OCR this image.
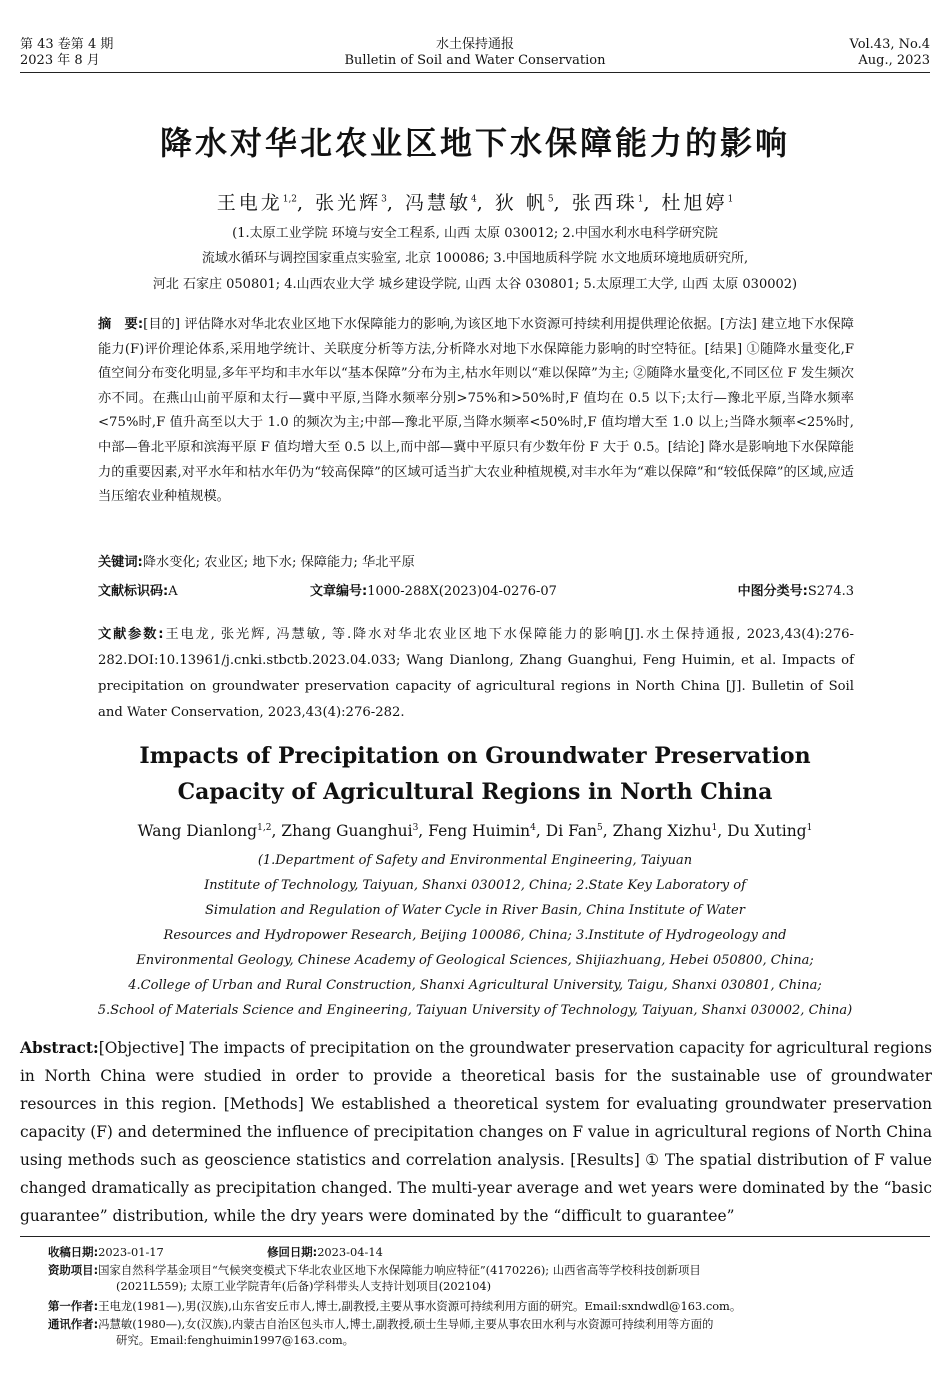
第 43 卷第 4 期
2023 年 8 月
水土保持通报
Bulletin of Soil and Water Conservation
Vol.43, No.4
Aug., 2023
降水对华北农业区地下水保障能力的影响
王电龙$^{1,2}$, 张光辉$^3$, 冯慧敏$^4$, 狄 帆$^5$, 张西珠$^1$, 杜旭婷$^1$
(1.太原工业学院 环境与安全工程系, 山西 太原 030012; 2.中国水利水电科学研究院
流域水循环与调控国家重点实验室, 北京 100086; 3.中国地质科学院 水文地质环境地质研究所,
河北 石家庄 050801; 4.山西农业大学 城乡建设学院, 山西 太谷 030801; 5.太原理工大学, 山西 太原 030002)
摘　要:[目的] 评估降水对华北农业区地下水保障能力的影响,为该区地下水资源可持续利用提供理论依据。[方法] 建立地下水保障能力(F)评价理论体系,采用地学统计、关联度分析等方法,分析降水对地下水保障能力影响的时空特征。[结果] ①随降水量变化,F 值空间分布变化明显,多年平均和丰水年以“基本保障”分布为主,枯水年则以“难以保障”为主; ②随降水量变化,不同区位 F 发生频次亦不同。在燕山山前平原和太行—冀中平原,当降水频率分别>75%和>50%时,F 值均在 0.5 以下;太行—豫北平原,当降水频率<75%时,F 值升高至以大于 1.0 的频次为主;中部—豫北平原,当降水频率<50%时,F 值均增大至 1.0 以上;当降水频率<25%时,中部—鲁北平原和滨海平原 F 值均增大至 0.5 以上,而中部—冀中平原只有少数年份 F 大于 0.5。[结论] 降水是影响地下水保障能力的重要因素,对平水年和枯水年仍为“较高保障”的区域可适当扩大农业种植规模,对丰水年为“难以保障”和“较低保障”的区域,应适当压缩农业种植规模。
关键词:降水变化; 农业区; 地下水; 保障能力; 华北平原
文献标识码:A	文章编号:1000-288X(2023)04-0276-07	中图分类号:S274.3
文献参数:王电龙, 张光辉, 冯慧敏, 等.降水对华北农业区地下水保障能力的影响[J].水土保持通报, 2023,43(4):276-282.DOI:10.13961/j.cnki.stbctb.2023.04.033; Wang Dianlong, Zhang Guanghui, Feng Huimin, et al. Impacts of precipitation on groundwater preservation capacity of agricultural regions in North China [J]. Bulletin of Soil and Water Conservation, 2023,43(4):276-282.
Impacts of Precipitation on Groundwater Preservation
Capacity of Agricultural Regions in North China
Wang Dianlong$^{1,2}$, Zhang Guanghui$^3$, Feng Huimin$^4$, Di Fan$^5$, Zhang Xizhu$^1$, Du Xuting$^1$
(1.Department of Safety and Environmental Engineering, Taiyuan
Institute of Technology, Taiyuan, Shanxi 030012, China; 2.State Key Laboratory of
Simulation and Regulation of Water Cycle in River Basin, China Institute of Water
Resources and Hydropower Research, Beijing 100086, China; 3.Institute of Hydrogeology and
Environmental Geology, Chinese Academy of Geological Sciences, Shijiazhuang, Hebei 050800, China;
4.College of Urban and Rural Construction, Shanxi Agricultural University, Taigu, Shanxi 030801, China;
5.School of Materials Science and Engineering, Taiyuan University of Technology, Taiyuan, Shanxi 030002, China)
Abstract:[Objective] The impacts of precipitation on the groundwater preservation capacity for agricultural regions in North China were studied in order to provide a theoretical basis for the sustainable use of groundwater resources in this region. [Methods] We established a theoretical system for evaluating groundwater preservation capacity (F) and determined the influence of precipitation changes on F value in agricultural regions of North China using methods such as geoscience statistics and correlation analysis. [Results] ① The spatial distribution of F value changed dramatically as precipitation changed. The multi-year average and wet years were dominated by the “basic guarantee” distribution, while the dry years were dominated by the “difficult to guarantee”
收稿日期:2023-01-17	修回日期:2023-04-14
资助项目:国家自然科学基金项目“气候突变模式下华北农业区地下水保障能力响应特征”(4170226); 山西省高等学校科技创新项目
(2021L559); 太原工业学院青年(后备)学科带头人支持计划项目(202104)
第一作者:王电龙(1981—),男(汉族),山东省安丘市人,博士,副教授,主要从事水资源可持续利用方面的研究。Email:sxndwdl@163.com。
通讯作者:冯慧敏(1980—),女(汉族),内蒙古自治区包头市人,博士,副教授,硕士生导师,主要从事农田水利与水资源可持续利用等方面的
研究。Email:fenghuimin1997@163.com。
